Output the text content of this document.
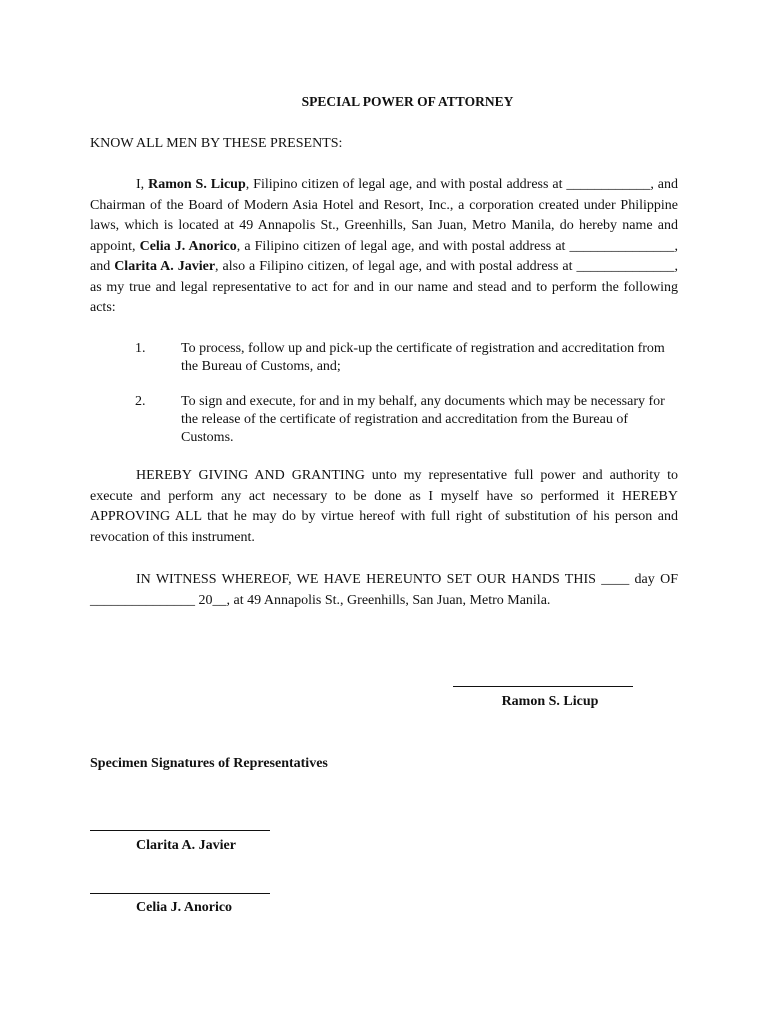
SPECIAL POWER OF ATTORNEY
KNOW ALL MEN BY THESE PRESENTS:
I, Ramon S. Licup, Filipino citizen of legal age, and with postal address at ____________, and Chairman of the Board of Modern Asia Hotel and Resort, Inc., a corporation created under Philippine laws, which is located at 49 Annapolis St., Greenhills, San Juan, Metro Manila, do hereby name and appoint, Celia J. Anorico, a Filipino citizen of legal age, and with postal address at _______________, and Clarita A. Javier, also a Filipino citizen, of legal age, and with postal address at ______________, as my true and legal representative to act for and in our name and stead and to perform the following acts:
1.	To process, follow up and pick-up the certificate of registration and accreditation from the Bureau of Customs, and;
2.	To sign and execute, for and in my behalf, any documents which may be necessary for the release of the certificate of registration and accreditation from the Bureau of Customs.
HEREBY GIVING AND GRANTING unto my representative full power and authority to execute and perform any act necessary to be done as I myself have so performed it HEREBY APPROVING ALL that he may do by virtue hereof with full right of substitution of his person and revocation of this instrument.
IN WITNESS WHEREOF, WE HAVE HEREUNTO SET OUR HANDS THIS ____ day OF _______________ 20__, at 49 Annapolis St., Greenhills, San Juan, Metro Manila.
Ramon S. Licup
Specimen Signatures of Representatives
Clarita A. Javier
Celia J. Anorico
